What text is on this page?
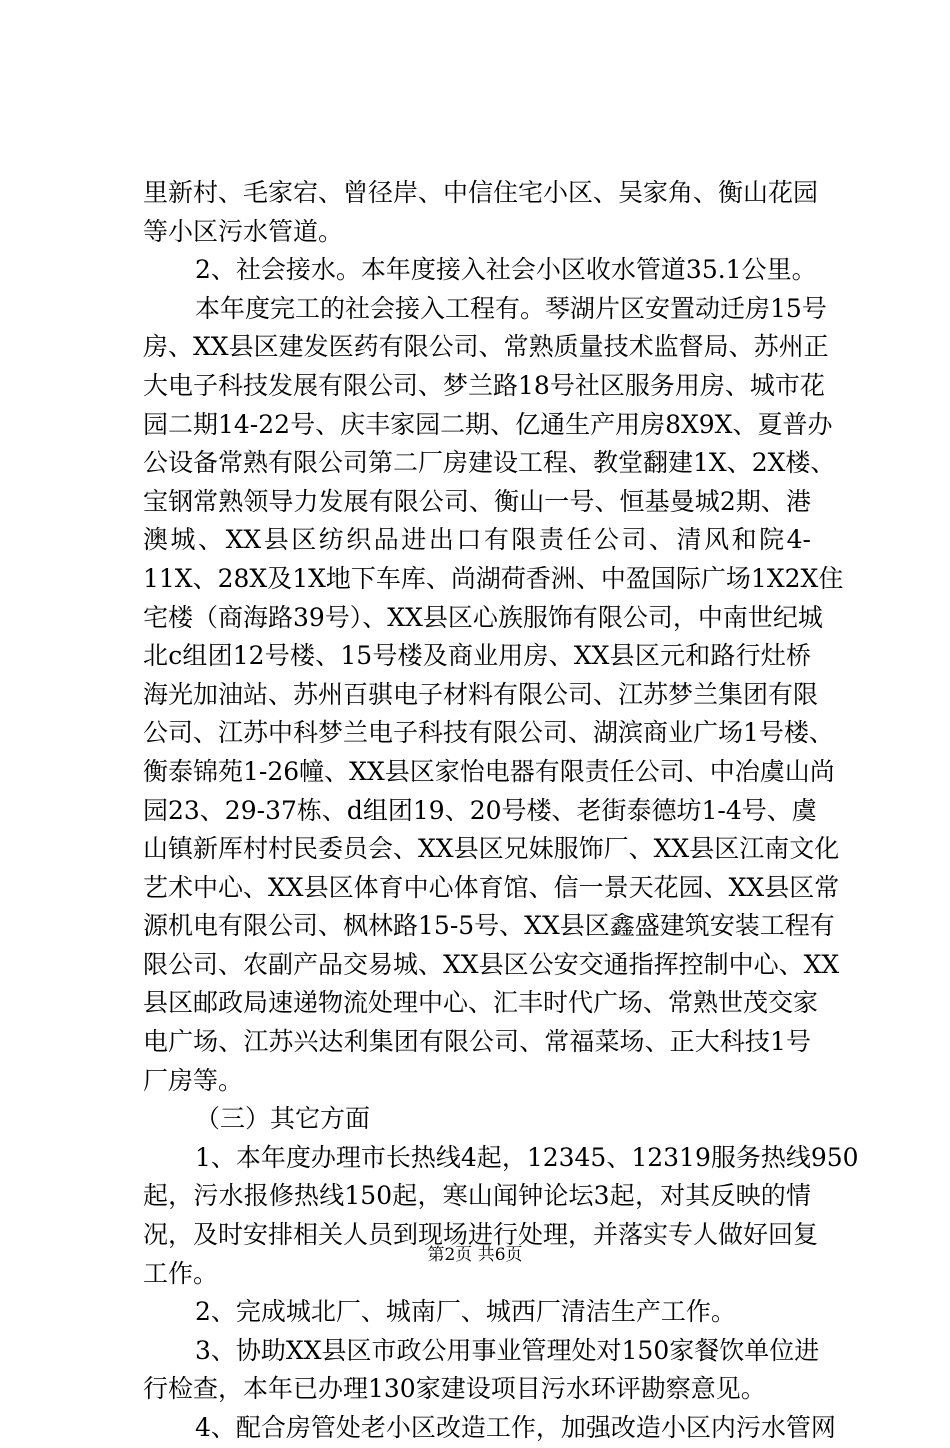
里新村、毛家宕、曾径岸、中信住宅小区、吴家角、衡山花园
等小区污水管道。
2、社会接水。本年度接入社会小区收水管道35.1公里。
本年度完工的社会接入工程有。琴湖片区安置动迁房15号
房、XX县区建发医药有限公司、常熟质量技术监督局、苏州正
大电子科技发展有限公司、梦兰路18号社区服务用房、城市花
园二期14-22号、庆丰家园二期、亿通生产用房8X9X、夏普办
公设备常熟有限公司第二厂房建设工程、教堂翻建1X、2X楼、
宝钢常熟领导力发展有限公司、衡山一号、恒基曼城2期、港
澳城、XX县区纺织品进出口有限责任公司、清风和院4-
11X、28X及1X地下车库、尚湖荷香洲、中盈国际广场1X2X住
宅楼（商海路39号）、XX县区心族服饰有限公司，中南世纪城
北c组团12号楼、15号楼及商业用房、XX县区元和路行灶桥
海光加油站、苏州百骐电子材料有限公司、江苏梦兰集团有限
公司、江苏中科梦兰电子科技有限公司、湖滨商业广场1号楼、
衡泰锦苑1-26幢、XX县区家怡电器有限责任公司、中冶虞山尚
园23、29-37栋、d组团19、20号楼、老街泰德坊1-4号、虞
山镇新厍村村民委员会、XX县区兄妹服饰厂、XX县区江南文化
艺术中心、XX县区体育中心体育馆、信一景天花园、XX县区常
源机电有限公司、枫林路15-5号、XX县区鑫盛建筑安装工程有
限公司、农副产品交易城、XX县区公安交通指挥控制中心、XX
县区邮政局速递物流处理中心、汇丰时代广场、常熟世茂交家
电广场、江苏兴达利集团有限公司、常福菜场、正大科技1号
厂房等。
（三）其它方面
1、本年度办理市长热线4起，12345、12319服务热线950
起，污水报修热线150起，寒山闻钟论坛3起，对其反映的情
况，及时安排相关人员到现场进行处理，并落实专人做好回复
工作。
2、完成城北厂、城南厂、城西厂清洁生产工作。
3、协助XX县区市政公用事业管理处对150家餐饮单位进
行检查，本年已办理130家建设项目污水环评勘察意见。
4、配合房管处老小区改造工作，加强改造小区内污水管网
第2页 共6页
